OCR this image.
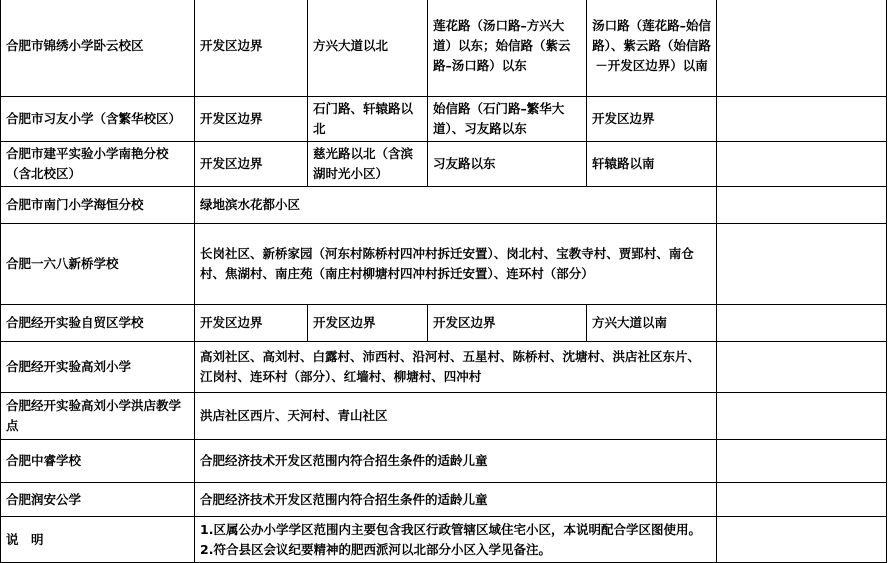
合肥市锦绣小学卧云校区	开发区边界	方兴大道以北	莲花路（汤口路–方兴大道）以东；始信路（紫云路–汤口路）以东	汤口路（莲花路–始信路）、紫云路（始信路－开发区边界）以南	
合肥市习友小学（含繁华校区）	开发区边界	石门路、轩辕路以北	始信路（石门路–繁华大道）、习友路以东	开发区边界	
合肥市建平实验小学南艳分校（含北校区）	开发区边界	慈光路以北（含滨湖时光小区）	习友路以东	轩辕路以南	
合肥市南门小学海恒分校	绿地滨水花都小区				
合肥一六八新桥学校	长岗社区、新桥家园（河东村陈桥村四冲村拆迁安置）、岗北村、宝教寺村、贾郢村、南仓村、焦湖村、南庄苑（南庄村柳塘村四冲村拆迁安置）、连环村（部分）				
合肥经开实验自贸区学校	开发区边界	开发区边界	开发区边界	方兴大道以南	
合肥经开实验高刘小学	高刘社区、高刘村、白露村、沛西村、沿河村、五星村、陈桥村、沈塘村、洪店社区东片、江岗村、连环村（部分）、红墙村、柳塘村、四冲村				
合肥经开实验高刘小学洪店教学点	洪店社区西片、天河村、青山社区				
合肥中睿学校	合肥经济技术开发区范围内符合招生条件的适龄儿童				
合肥润安公学	合肥经济技术开发区范围内符合招生条件的适龄儿童				
说　明	1.区属公办小学学区范围内主要包含我区行政管辖区域住宅小区，本说明配合学区图使用。2.符合县区会议纪要精神的肥西派河以北部分小区入学见备注。				
